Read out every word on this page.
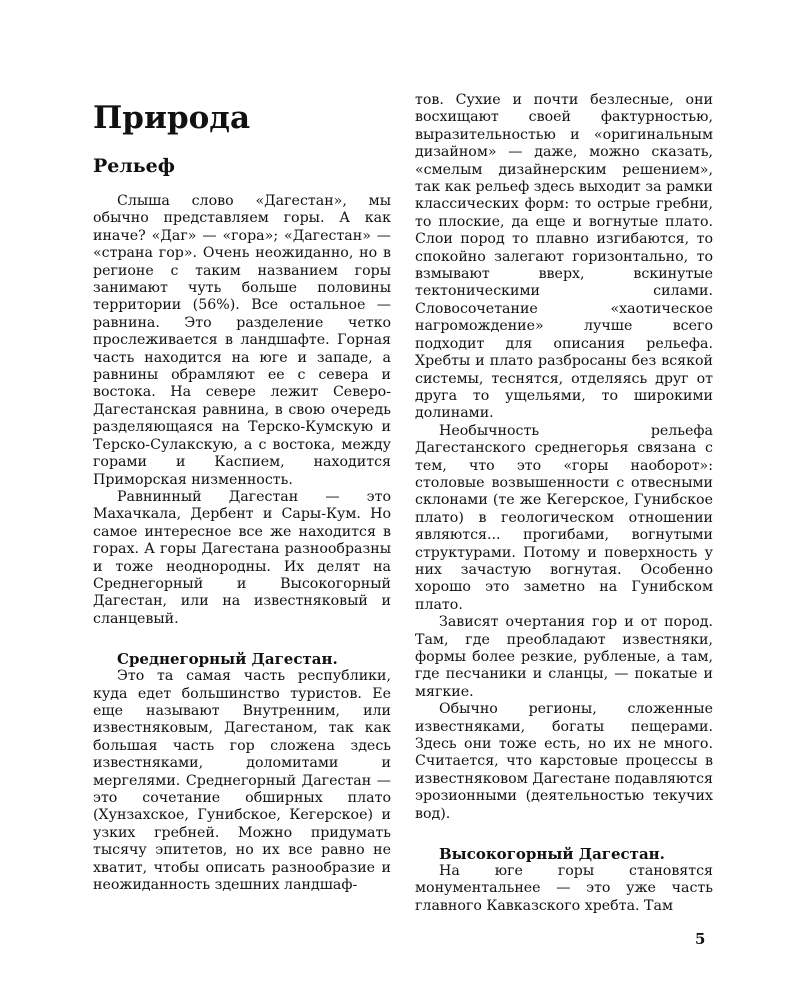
Природа
Рельеф

Слыша слово «Дагестан», мы обычно представляем горы. А как иначе? «Даг» — «гора»; «Дагестан» — «страна гор». Очень неожиданно, но в регионе с таким названием горы занимают чуть больше половины территории (56%). Все остальное — равнина. Это разделение четко прослеживается в ландшафте. Горная часть находится на юге и западе, а равнины обрамляют ее с севера и востока. На севере лежит Северо-Дагестанская равнина, в свою очередь разделяющаяся на Терско-Кумскую и Терско-Сулакскую, а с востока, между горами и Каспием, находится Приморская низменность.

Равнинный Дагестан — это Махачкала, Дербент и Сары-Кум. Но самое интересное все же находится в горах. А горы Дагестана разнообразны и тоже неоднородны. Их делят на Среднегорный и Высокогорный Дагестан, или на известняковый и сланцевый.

Среднегорный Дагестан.

Это та самая часть республики, куда едет большинство туристов. Ее еще называют Внутренним, или известняковым, Дагестаном, так как большая часть гор сложена здесь известняками, доломитами и мергелями. Среднегорный Дагестан — это сочетание обширных плато (Хунзахское, Гунибское, Кегерское) и узких гребней. Можно придумать тысячу эпитетов, но их все равно не хватит, чтобы описать разнообразие и неожиданность здешних ландшаф-

тов. Сухие и почти безлесные, они восхищают своей фактурностью, выразительностью и «оригинальным дизайном» — даже, можно сказать, «смелым дизайнерским решением», так как рельеф здесь выходит за рамки классических форм: то острые гребни, то плоские, да еще и вогнутые плато. Слои пород то плавно изгибаются, то спокойно залегают горизонтально, то взмывают вверх, вскинутые тектоническими силами. Словосочетание «хаотическое нагромождение» лучше всего подходит для описания рельефа. Хребты и плато разбросаны без всякой системы, теснятся, отделяясь друг от друга то ущельями, то широкими долинами.

Необычность рельефа Дагестанского среднегорья связана с тем, что это «горы наоборот»: столовые возвышенности с отвесными склонами (те же Кегерское, Гунибское плато) в геологическом отношении являются... прогибами, вогнутыми структурами. Потому и поверхность у них зачастую вогнутая. Особенно хорошо это заметно на Гунибском плато.

Зависят очертания гор и от пород. Там, где преобладают известняки, формы более резкие, рубленые, а там, где песчаники и сланцы, — покатые и мягкие.

Обычно регионы, сложенные известняками, богаты пещерами. Здесь они тоже есть, но их не много. Считается, что карстовые процессы в известняковом Дагестане подавляются эрозионными (деятельностью текучих вод).

Высокогорный Дагестан.

На юге горы становятся монументальнее — это уже часть главного Кавказского хребта. Там

5
